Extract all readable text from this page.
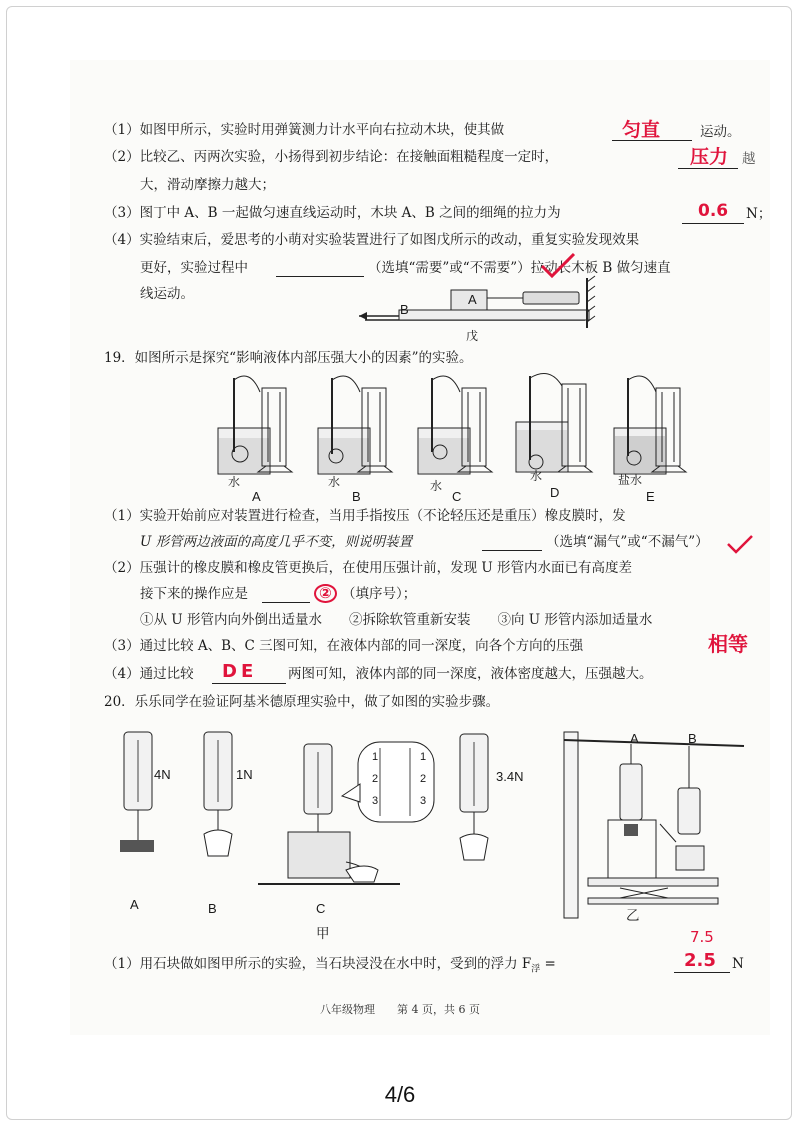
（1）如图甲所示，实验时用弹簧测力计水平向右拉动木块，使其做	匀直	运动。
（2）比较乙、丙两次实验，小扬得到初步结论：在接触面粗糙程度一定时，	压力 越
大，滑动摩擦力越大；
（3）图丁中 A、B 一起做匀速直线运动时，木块 A、B 之间的细绳的拉力为	0.6 N；
（4）实验结束后，爱思考的小萌对实验装置进行了如图戊所示的改动，重复实验发现效果
更好，实验过程中	（选填“需要”或“不需要”）拉动长木板 B 做匀速直
线运动。	A
B
戊
19．如图所示是探究“影响液体内部压强大小的因素”的实验。
水
A
水
B
水
C
水
D
盐水
E
（1）实验开始前应对装置进行检查，当用手指按压（不论轻压还是重压）橡皮膜时，发
U 形管两边液面的高度几乎不变，则说明装置	（选填“漏气”或“不漏气”）
（2）压强计的橡皮膜和橡皮管更换后，在使用压强计前，发现 U 形管内水面已有高度差
接下来的操作应是	② （填序号）；
①从 U 形管内向外倒出适量水　　②拆除软管重新安装　　③向 U 形管内添加适量水
（3）通过比较 A、B、C 三图可知，在液体内部的同一深度，向各个方向的压强	相等
（4）通过比较 DE 两图可知，液体内部的同一深度，液体密度越大，压强越大。
20．乐乐同学在验证阿基米德原理实验中，做了如图的实验步骤。
4N	1N
1
2
3
1
2
3
3.4N
A	B	C
甲
A	B
乙
（1）用石块做如图甲所示的实验，当石块浸没在水中时，受到的浮力 $F_浮$ =
7.5
2.5 N
八年级物理　　第 4 页，共 6 页
4/6
